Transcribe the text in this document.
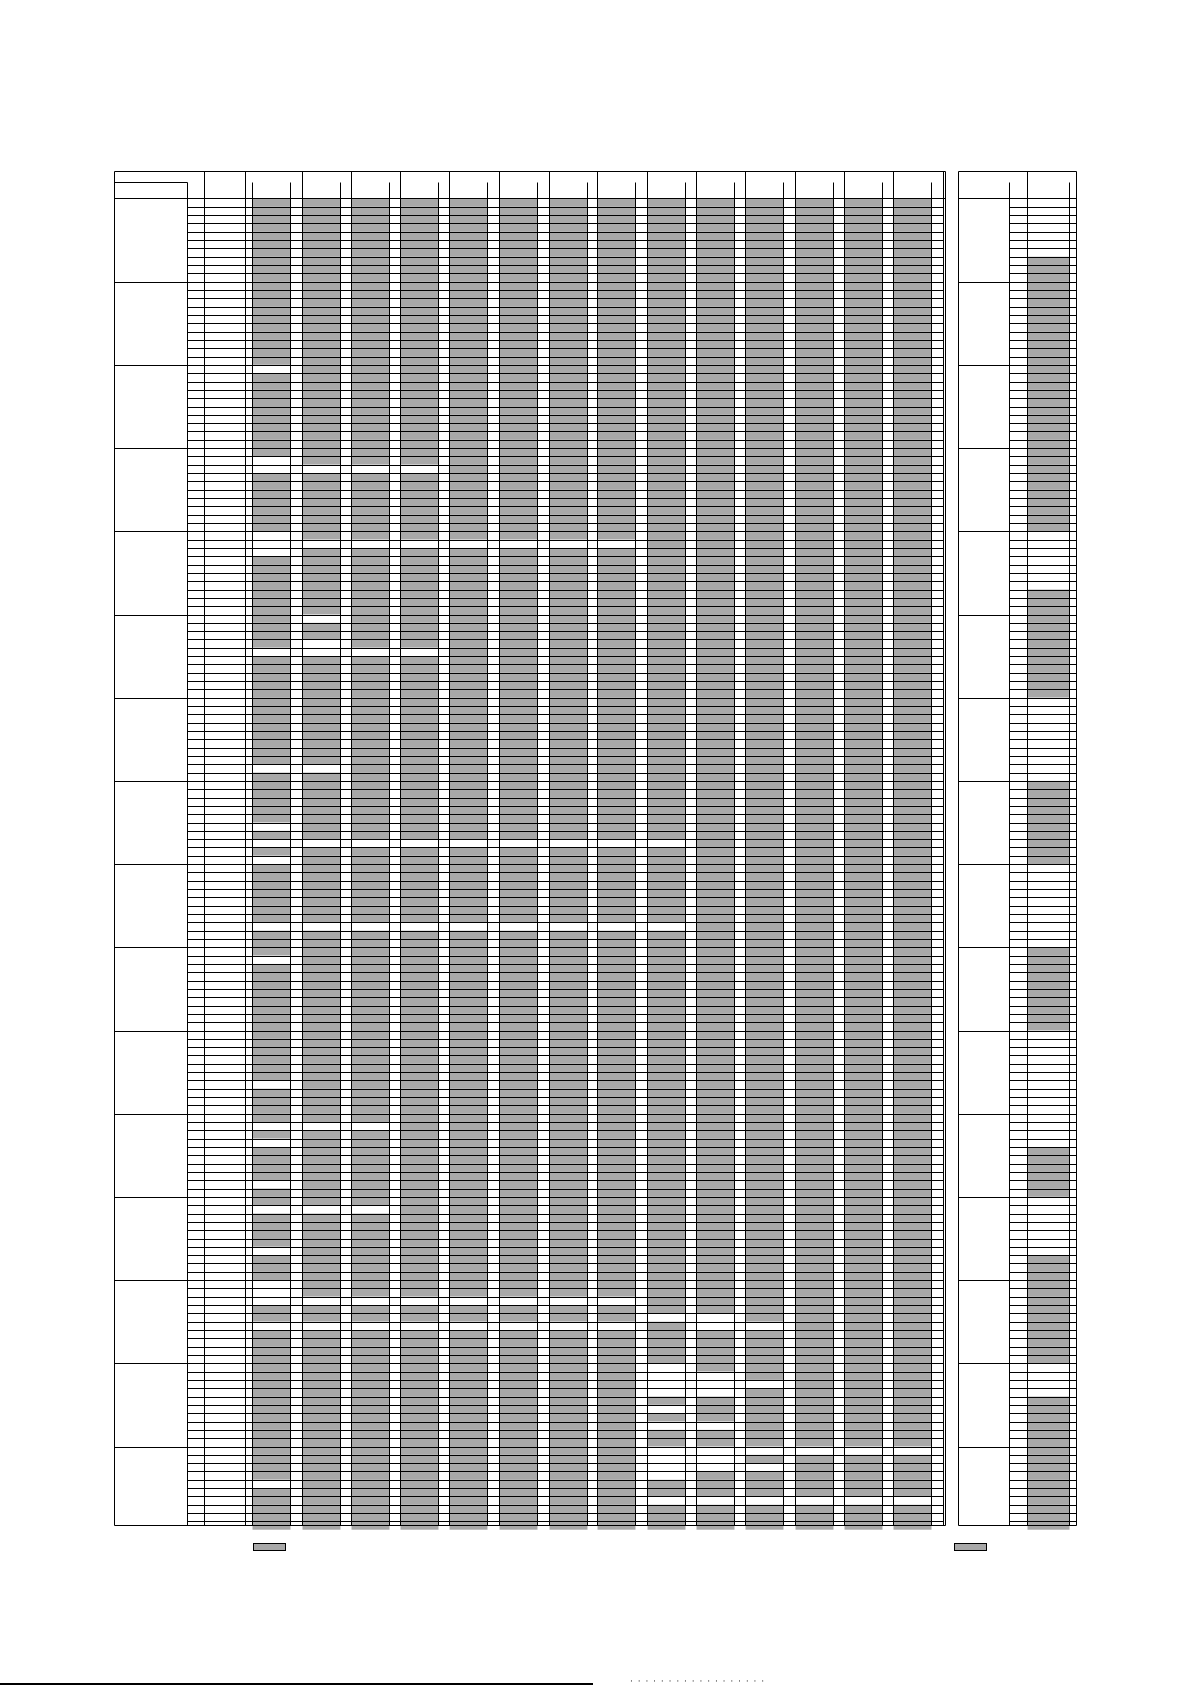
· · · · · · · · · · · · · · · · · ·
